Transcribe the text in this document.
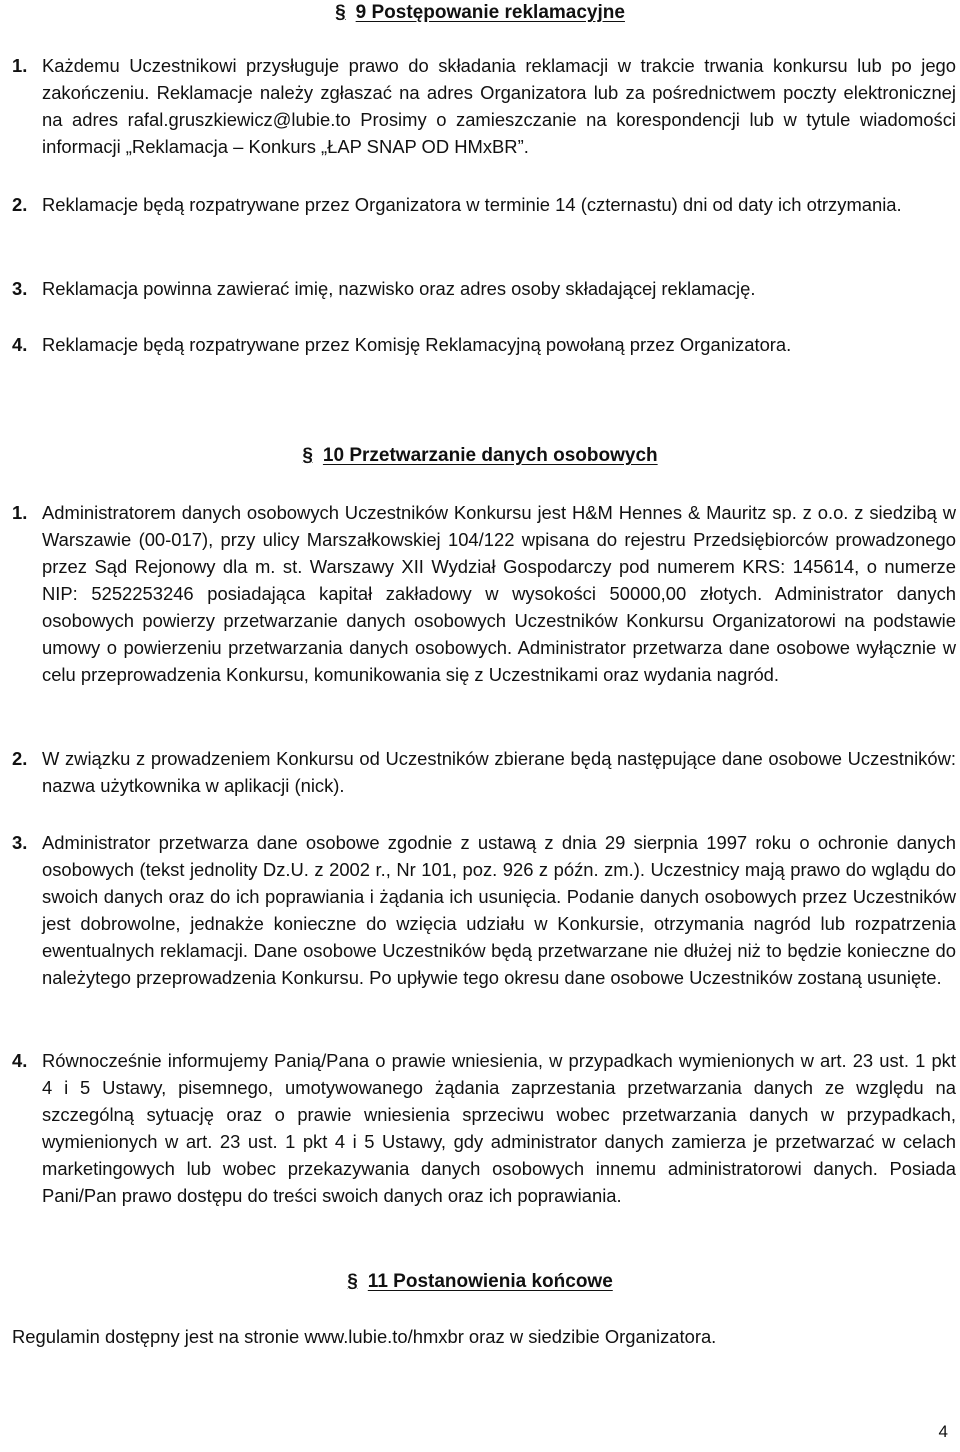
§ 9 Postępowanie reklamacyjne
1. Każdemu Uczestnikowi przysługuje prawo do składania reklamacji w trakcie trwania konkursu lub po jego zakończeniu. Reklamacje należy zgłaszać na adres Organizatora lub za pośrednictwem poczty elektronicznej na adres rafal.gruszkiewicz@lubie.to Prosimy o zamieszczanie na korespondencji lub w tytule wiadomości informacji „Reklamacja – Konkurs „ŁAP SNAP OD HMxBR”.
2. Reklamacje będą rozpatrywane przez Organizatora w terminie 14 (czternastu) dni od daty ich otrzymania.
3. Reklamacja powinna zawierać imię, nazwisko oraz adres osoby składającej reklamację.
4. Reklamacje będą rozpatrywane przez Komisję Reklamacyjną powołaną przez Organizatora.
§ 10 Przetwarzanie danych osobowych
1. Administratorem danych osobowych Uczestników Konkursu jest H&M Hennes & Mauritz sp. z o.o. z siedzibą w Warszawie (00-017), przy ulicy Marszałkowskiej 104/122 wpisana do rejestru Przedsiębiorców prowadzonego przez Sąd Rejonowy dla m. st. Warszawy XII Wydział Gospodarczy pod numerem KRS: 145614, o numerze NIP: 5252253246 posiadająca kapitał zakładowy w wysokości 50000,00 złotych. Administrator danych osobowych powierzy przetwarzanie danych osobowych Uczestników Konkursu Organizatorowi na podstawie umowy o powierzeniu przetwarzania danych osobowych. Administrator przetwarza dane osobowe wyłącznie w celu przeprowadzenia Konkursu, komunikowania się z Uczestnikami oraz wydania nagród.
2. W związku z prowadzeniem Konkursu od Uczestników zbierane będą następujące dane osobowe Uczestników: nazwa użytkownika w aplikacji (nick).
3. Administrator przetwarza dane osobowe zgodnie z ustawą z dnia 29 sierpnia 1997 roku o ochronie danych osobowych (tekst jednolity Dz.U. z 2002 r., Nr 101, poz. 926 z późn. zm.). Uczestnicy mają prawo do wglądu do swoich danych oraz do ich poprawiania i żądania ich usunięcia. Podanie danych osobowych przez Uczestników jest dobrowolne, jednakże konieczne do wzięcia udziału w Konkursie, otrzymania nagród lub rozpatrzenia ewentualnych reklamacji. Dane osobowe Uczestników będą przetwarzane nie dłużej niż to będzie konieczne do należytego przeprowadzenia Konkursu. Po upływie tego okresu dane osobowe Uczestników zostaną usunięte.
4. Równocześnie informujemy Panią/Pana o prawie wniesienia, w przypadkach wymienionych w art. 23 ust. 1 pkt 4 i 5 Ustawy, pisemnego, umotywowanego żądania zaprzestania przetwarzania danych ze względu na szczególną sytuację oraz o prawie wniesienia sprzeciwu wobec przetwarzania danych w przypadkach, wymienionych w art. 23 ust. 1 pkt 4 i 5 Ustawy, gdy administrator danych zamierza je przetwarzać w celach marketingowych lub wobec przekazywania danych osobowych innemu administratorowi danych. Posiada Pani/Pan prawo dostępu do treści swoich danych oraz ich poprawiania.
§ 11 Postanowienia końcowe
Regulamin dostępny jest na stronie www.lubie.to/hmxbr oraz w siedzibie Organizatora.
4
